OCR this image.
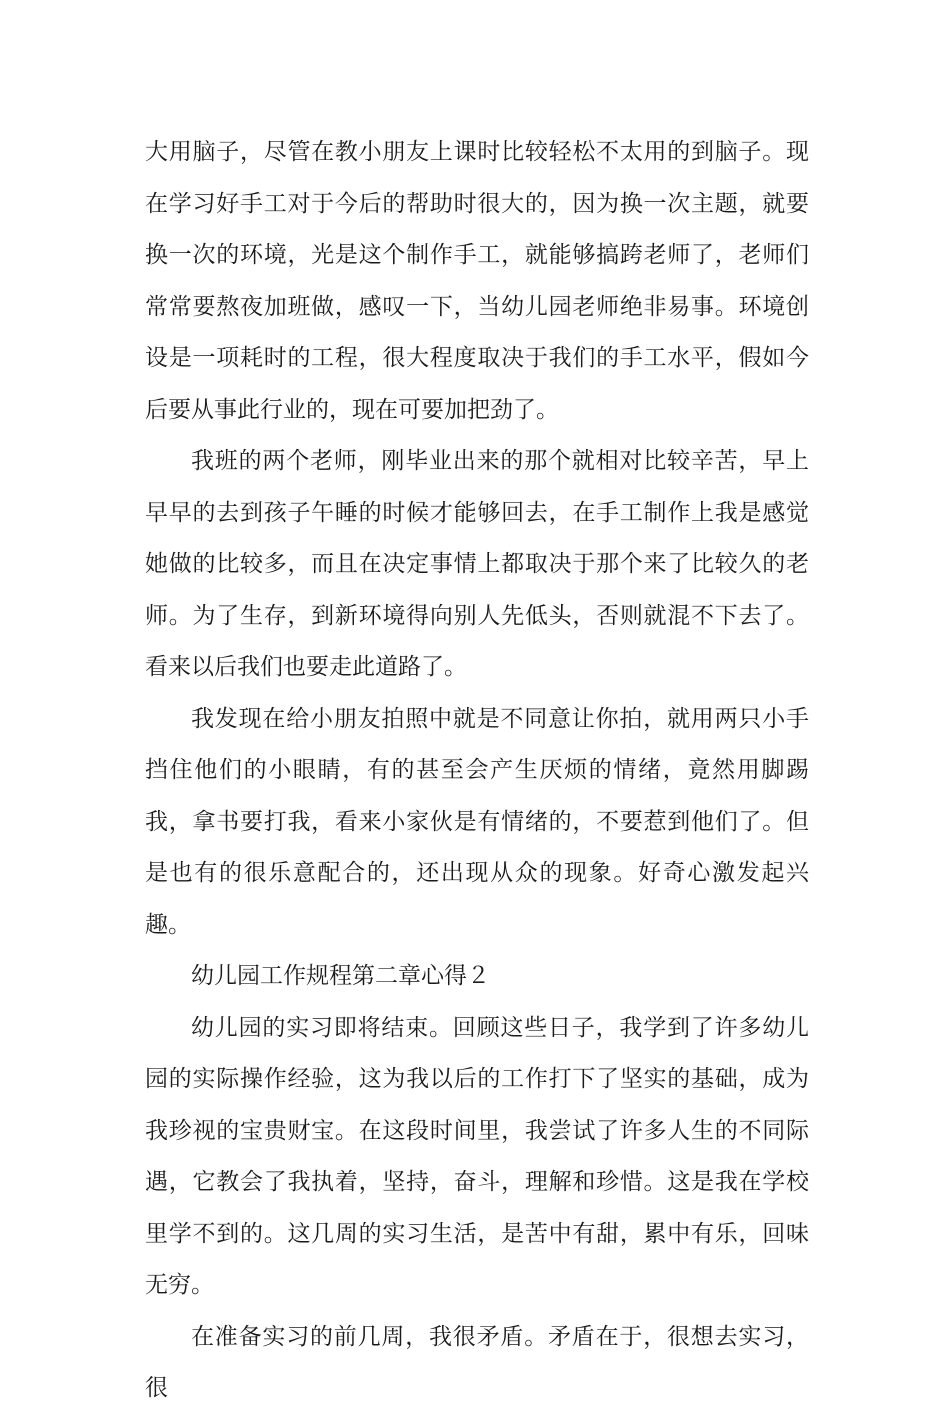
大用脑子，尽管在教小朋友上课时比较轻松不太用的到脑子。现在学习好手工对于今后的帮助时很大的，因为换一次主题，就要换一次的环境，光是这个制作手工，就能够搞跨老师了，老师们常常要熬夜加班做，感叹一下，当幼儿园老师绝非易事。环境创设是一项耗时的工程，很大程度取决于我们的手工水平，假如今后要从事此行业的，现在可要加把劲了。

我班的两个老师，刚毕业出来的那个就相对比较辛苦，早上早早的去到孩子午睡的时候才能够回去，在手工制作上我是感觉她做的比较多，而且在决定事情上都取决于那个来了比较久的老师。为了生存，到新环境得向别人先低头，否则就混不下去了。看来以后我们也要走此道路了。

我发现在给小朋友拍照中就是不同意让你拍，就用两只小手挡住他们的小眼睛，有的甚至会产生厌烦的情绪，竟然用脚踢我，拿书要打我，看来小家伙是有情绪的，不要惹到他们了。但是也有的很乐意配合的，还出现从众的现象。好奇心激发起兴趣。

幼儿园工作规程第二章心得２

幼儿园的实习即将结束。回顾这些日子，我学到了许多幼儿园的实际操作经验，这为我以后的工作打下了坚实的基础，成为我珍视的宝贵财宝。在这段时间里，我尝试了许多人生的不同际遇，它教会了我执着，坚持，奋斗，理解和珍惜。这是我在学校里学不到的。这几周的实习生活，是苦中有甜，累中有乐，回味无穷。

在准备实习的前几周，我很矛盾。矛盾在于，很想去实习，很
